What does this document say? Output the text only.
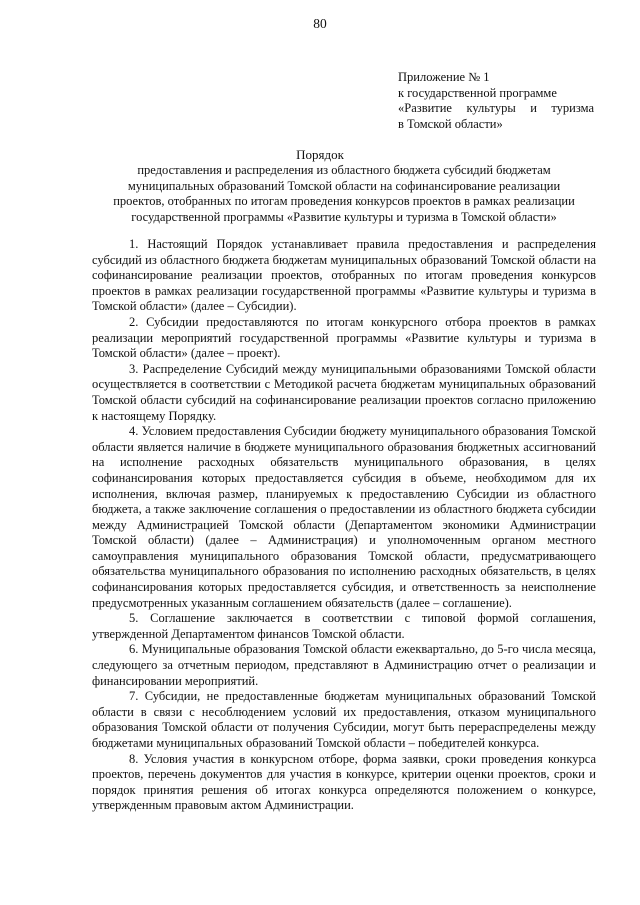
80
Приложение № 1
к государственной программе
«Развитие культуры и туризма
в Томской области»
Порядок
предоставления и распределения из областного бюджета субсидий бюджетам
муниципальных образований Томской области на софинансирование реализации
проектов, отобранных по итогам проведения конкурсов проектов в рамках реализации
государственной программы «Развитие культуры и туризма в Томской области»

1. Настоящий Порядок устанавливает правила предоставления и распределения субсидий из областного бюджета бюджетам муниципальных образований Томской области на софинансирование реализации проектов, отобранных по итогам проведения конкурсов проектов в рамках реализации государственной программы «Развитие культуры и туризма в Томской области» (далее – Субсидии).

2. Субсидии предоставляются по итогам конкурсного отбора проектов в рамках реализации мероприятий государственной программы «Развитие культуры и туризма в Томской области» (далее – проект).

3. Распределение Субсидий между муниципальными образованиями Томской области осуществляется в соответствии с Методикой расчета бюджетам муниципальных образований Томской области субсидий на софинансирование реализации проектов согласно приложению к настоящему Порядку.

4. Условием предоставления Субсидии бюджету муниципального образования Томской области является наличие в бюджете муниципального образования бюджетных ассигнований на исполнение расходных обязательств муниципального образования, в целях софинансирования которых предоставляется субсидия в объеме, необходимом для их исполнения, включая размер, планируемых к предоставлению Субсидии из областного бюджета, а также заключение соглашения о предоставлении из областного бюджета субсидии между Администрацией Томской области (Департаментом экономики Администрации Томской области) (далее – Администрация) и уполномоченным органом местного самоуправления муниципального образования Томской области, предусматривающего обязательства муниципального образования по исполнению расходных обязательств, в целях софинансирования которых предоставляется субсидия, и ответственность за неисполнение предусмотренных указанным соглашением обязательств (далее – соглашение).

5. Соглашение заключается в соответствии с типовой формой соглашения, утвержденной Департаментом финансов Томской области.

6. Муниципальные образования Томской области ежеквартально, до 5-го числа месяца, следующего за отчетным периодом, представляют в Администрацию отчет о реализации и финансировании мероприятий.

7. Субсидии, не предоставленные бюджетам муниципальных образований Томской области в связи с несоблюдением условий их предоставления, отказом муниципального образования Томской области от получения Субсидии, могут быть перераспределены между бюджетами муниципальных образований Томской области – победителей конкурса.

8. Условия участия в конкурсном отборе, форма заявки, сроки проведения конкурса проектов, перечень документов для участия в конкурсе, критерии оценки проектов, сроки и порядок принятия решения об итогах конкурса определяются положением о конкурсе, утвержденным правовым актом Администрации.
